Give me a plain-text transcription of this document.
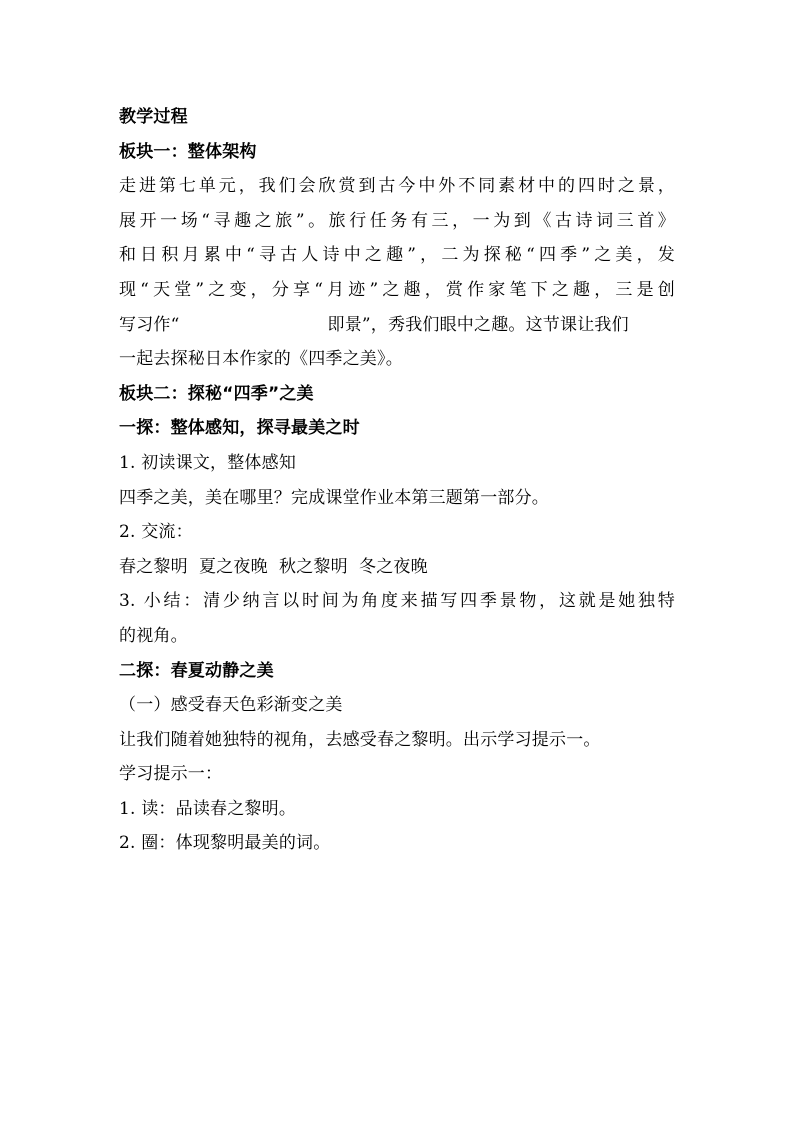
教学过程
板块一：整体架构
走进第七单元，我们会欣赏到古今中外不同素材中的四时之景，
展开一场“寻趣之旅”。旅行任务有三，一为到《古诗词三首》
和日积月累中“寻古人诗中之趣”，二为探秘“四季”之美，发
现“天堂”之变，分享“月迹”之趣，赏作家笔下之趣，三是创
写习作“	即景”，秀我们眼中之趣。这节课让我们
一起去探秘日本作家的《四季之美》。
板块二：探秘“四季”之美
一探：整体感知，探寻最美之时
1. 初读课文，整体感知
四季之美，美在哪里？完成课堂作业本第三题第一部分。
2. 交流：
春之黎明  夏之夜晚  秋之黎明  冬之夜晚
3. 小结：清少纳言以时间为角度来描写四季景物，这就是她独特
的视角。
二探：春夏动静之美
（一）感受春天色彩渐变之美
让我们随着她独特的视角，去感受春之黎明。出示学习提示一。
学习提示一：
1. 读：品读春之黎明。
2. 圈：体现黎明最美的词。
